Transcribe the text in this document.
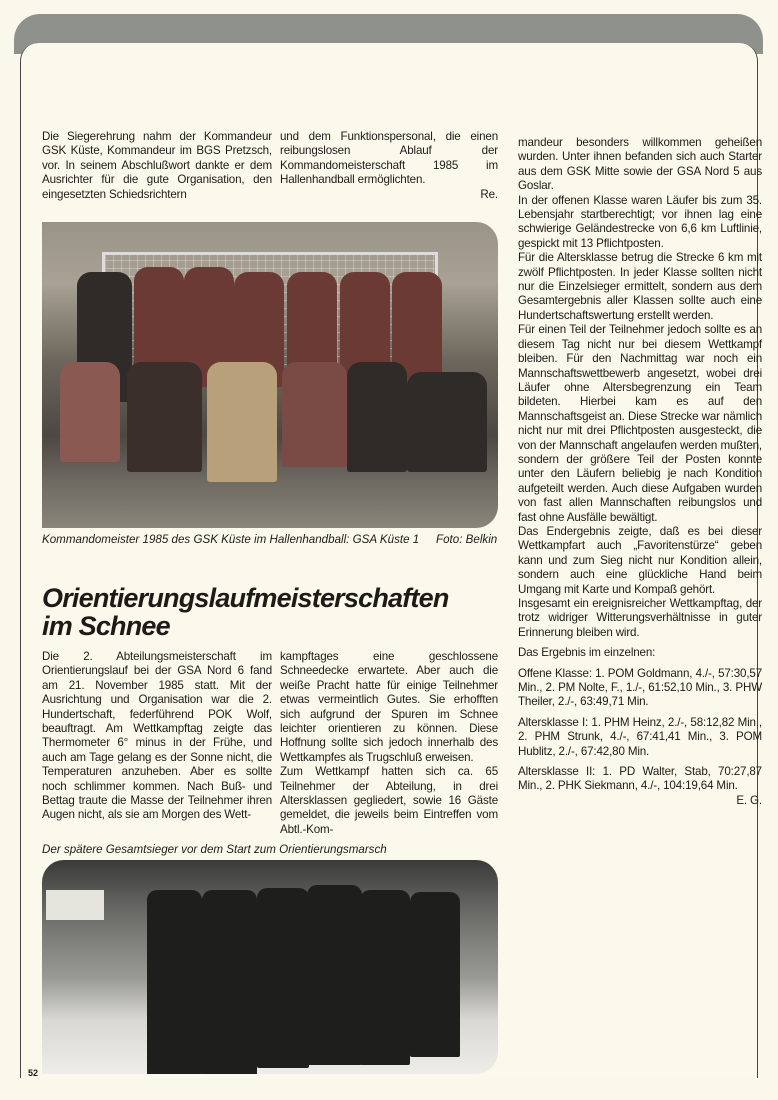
Die Siegerehrung nahm der Kommandeur GSK Küste, Kommandeur im BGS Pretzsch, vor. In seinem Abschlußwort dankte er dem Ausrichter für die gute Organisation, den eingesetzten Schiedsrichtern

und dem Funktionspersonal, die einen reibungslosen Ablauf der Kommandomeisterschaft 1985 im Hallenhandball ermöglichten.

Re.

Kommandomeister 1985 des GSK Küste im Hallenhandball: GSA Küste 1 Foto: Belkin
Orientierungslaufmeisterschaften
im Schnee

Die 2. Abteilungsmeisterschaft im Orientierungslauf bei der GSA Nord 6 fand am 21. November 1985 statt. Mit der Ausrichtung und Organisation war die 2. Hundertschaft, federführend POK Wolf, beauftragt. Am Wettkampftag zeigte das Thermometer 6° minus in der Frühe, und auch am Tage gelang es der Sonne nicht, die Temperaturen anzuheben. Aber es sollte noch schlimmer kommen. Nach Buß- und Bettag traute die Masse der Teilnehmer ihren Augen nicht, als sie am Morgen des Wett-

kampftages eine geschlossene Schneedecke erwartete. Aber auch die weiße Pracht hatte für einige Teilnehmer etwas vermeintlich Gutes. Sie erhofften sich aufgrund der Spuren im Schnee leichter orientieren zu können. Diese Hoffnung sollte sich jedoch innerhalb des Wettkampfes als Trugschluß erweisen.

Zum Wettkampf hatten sich ca. 65 Teilnehmer der Abteilung, in drei Altersklassen gegliedert, sowie 16 Gäste gemeldet, die jeweils beim Eintreffen vom Abtl.-Kom-

Der spätere Gesamtsieger vor dem Start zum Orientierungsmarsch

mandeur besonders willkommen geheißen wurden. Unter ihnen befanden sich auch Starter aus dem GSK Mitte sowie der GSA Nord 5 aus Goslar.

In der offenen Klasse waren Läufer bis zum 35. Lebensjahr startberechtigt; vor ihnen lag eine schwierige Geländestrecke von 6,6 km Luftlinie, gespickt mit 13 Pflichtposten.

Für die Altersklasse betrug die Strecke 6 km mit zwölf Pflichtposten. In jeder Klasse sollten nicht nur die Einzelsieger ermittelt, sondern aus dem Gesamtergebnis aller Klassen sollte auch eine Hundertschaftswertung erstellt werden.

Für einen Teil der Teilnehmer jedoch sollte es an diesem Tag nicht nur bei diesem Wettkampf bleiben. Für den Nachmittag war noch ein Mannschaftswettbewerb angesetzt, wobei drei Läufer ohne Altersbegrenzung ein Team bildeten. Hierbei kam es auf den Mannschaftsgeist an. Diese Strecke war nämlich nicht nur mit drei Pflichtposten ausgesteckt, die von der Mannschaft angelaufen werden mußten, sondern der größere Teil der Posten konnte unter den Läufern beliebig je nach Kondition aufgeteilt werden. Auch diese Aufgaben wurden von fast allen Mannschaften reibungslos und fast ohne Ausfälle bewältigt.

Das Endergebnis zeigte, daß es bei dieser Wettkampfart auch „Favoritenstürze“ geben kann und zum Sieg nicht nur Kondition allein, sondern auch eine glückliche Hand beim Umgang mit Karte und Kompaß gehört.

Insgesamt ein ereignisreicher Wettkampftag, der trotz widriger Witterungsverhältnisse in guter Erinnerung bleiben wird.

Das Ergebnis im einzelnen:

Offene Klasse: 1. POM Goldmann, 4./-, 57:30,57 Min., 2. PM Nolte, F., 1./-, 61:52,10 Min., 3. PHW Theiler, 2./-, 63:49,71 Min.

Altersklasse I: 1. PHM Heinz, 2./-, 58:12,82 Min., 2. PHM Strunk, 4./-, 67:41,41 Min., 3. POM Hublitz, 2./-, 67:42,80 Min.

Altersklasse II: 1. PD Walter, Stab, 70:27,87 Min., 2. PHK Siekmann, 4./-, 104:19,64 Min.

E. G.

52
